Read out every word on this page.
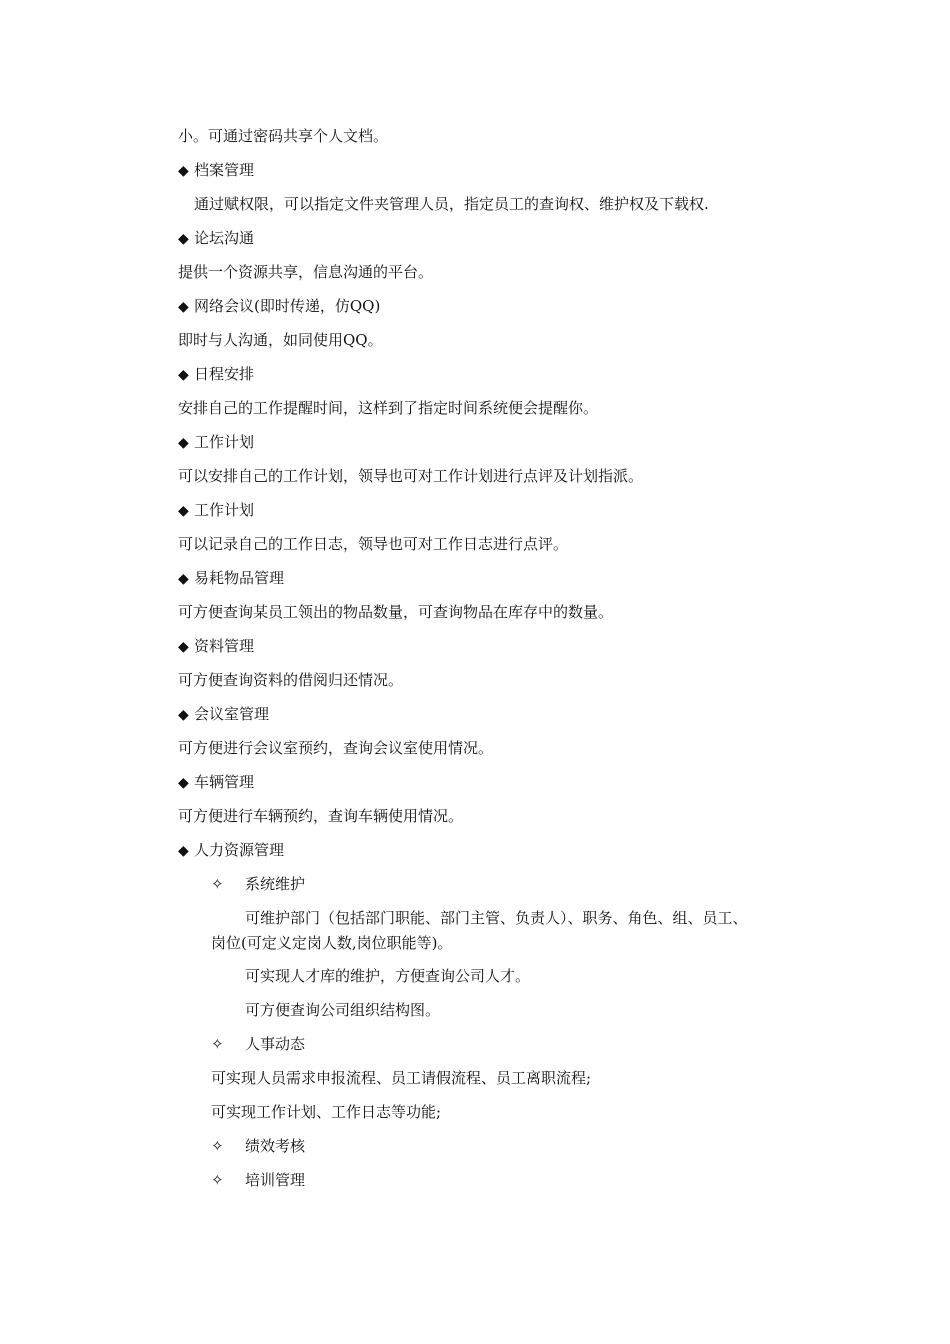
小。可通过密码共享个人文档。
◆ 档案管理
通过赋权限，可以指定文件夹管理人员，指定员工的查询权、维护权及下载权.
◆ 论坛沟通
提供一个资源共享，信息沟通的平台。
◆ 网络会议(即时传递，仿QQ)
即时与人沟通，如同使用QQ。
◆ 日程安排
安排自己的工作提醒时间，这样到了指定时间系统便会提醒你。
◆ 工作计划
可以安排自己的工作计划，领导也可对工作计划进行点评及计划指派。
◆ 工作计划
可以记录自己的工作日志，领导也可对工作日志进行点评。
◆ 易耗物品管理
可方便查询某员工领出的物品数量，可查询物品在库存中的数量。
◆ 资料管理
可方便查询资料的借阅归还情况。
◆ 会议室管理
可方便进行会议室预约，查询会议室使用情况。
◆ 车辆管理
可方便进行车辆预约，查询车辆使用情况。
◆ 人力资源管理
✧ 系统维护
可维护部门（包括部门职能、部门主管、负责人）、职务、角色、组、员工、
岗位(可定义定岗人数,岗位职能等)。
可实现人才库的维护，方便查询公司人才。
可方便查询公司组织结构图。
✧ 人事动态
可实现人员需求申报流程、员工请假流程、员工离职流程;
可实现工作计划、工作日志等功能;
✧ 绩效考核
✧ 培训管理
